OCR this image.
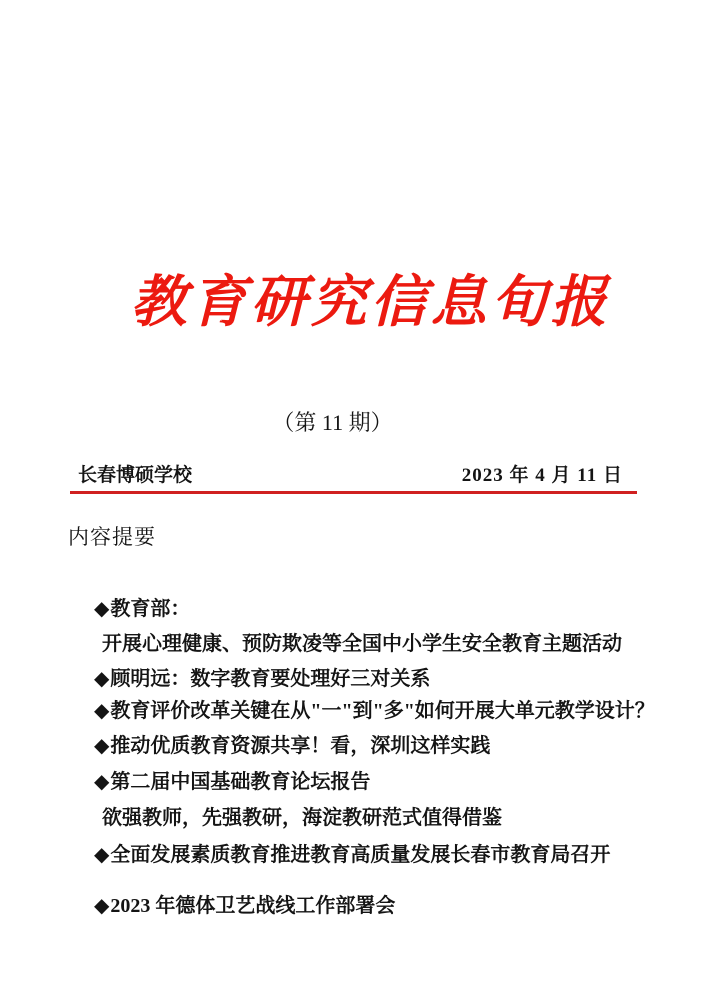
教育研究信息旬报
（第 11 期）
长春博硕学校	2023 年 4 月 11 日
内容提要
◆教育部：
开展心理健康、预防欺凌等全国中小学生安全教育主题活动
◆顾明远：数字教育要处理好三对关系
◆教育评价改革关键在从"一"到"多"如何开展大单元教学设计？
◆推动优质教育资源共享！看，深圳这样实践
◆第二届中国基础教育论坛报告
欲强教师，先强教研，海淀教研范式值得借鉴
◆全面发展素质教育推进教育高质量发展长春市教育局召开
◆2023 年德体卫艺战线工作部署会
